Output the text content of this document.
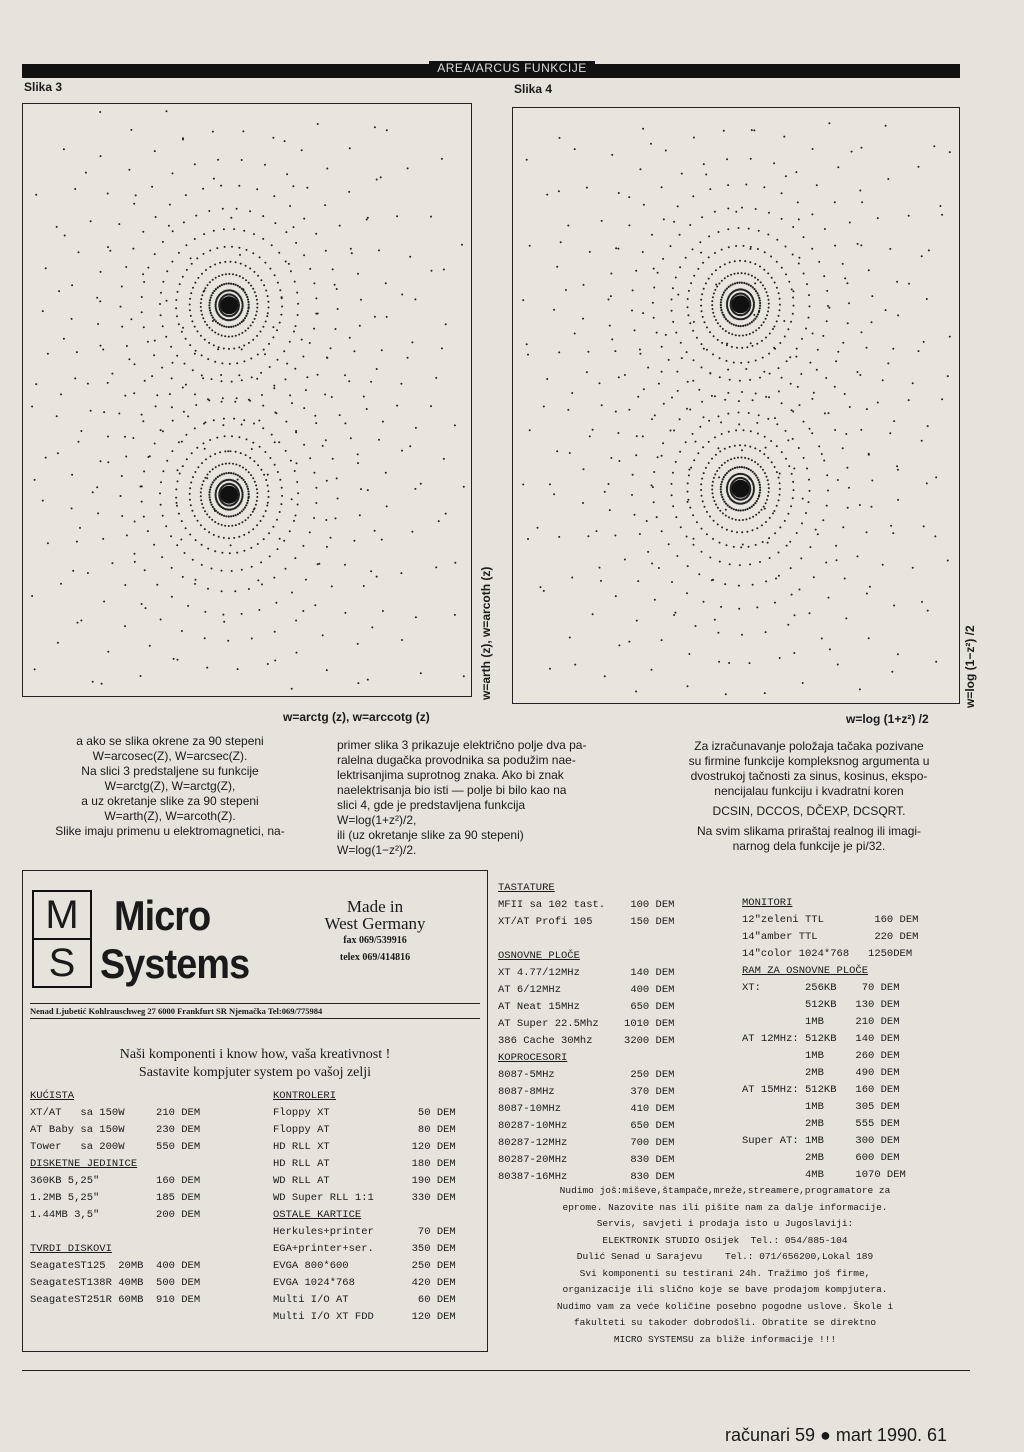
AREA/ARCUS FUNKCIJE
Slika 3	Slika 4
w=arth (z), w=arcoth (z)	w=log (1−z²) /2
w=arctg (z), w=arccotg (z)	w=log (1+z²) /2
a ako se slika okrene za 90 stepeni
W=arcosec(Z), W=arcsec(Z).
Na slici 3 predstaljene su funkcije
W=arctg(Z), W=arctg(Z),
a uz okretanje slike za 90 stepeni
W=arth(Z), W=arcoth(Z).
Slike imaju primenu u elektromagnetici, na-
primer slika 3 prikazuje električno polje dva pa-
ralelna dugačka provodnika sa podužim nae-
lektrisanjima suprotnog znaka. Ako bi znak
naelektrisanja bio isti — polje bi bilo kao na
slici 4, gde je predstavljena funkcija
W=log(1+z²)/2,
ili (uz okretanje slike za 90 stepeni)
W=log(1−z²)/2.
Za izračunavanje položaja tačaka pozivane
su firmine funkcije kompleksnog argumenta u
dvostrukoj tačnosti za sinus, kosinus, ekspo-
nencijalau funkciju i kvadratni koren
DCSIN, DCCOS, DČEXP, DCSQRT.
Na svim slikama priraštaj realnog ili imagi-
narnog dela funkcije je pi/32.
M
S
Micro
Systems
Made in
West Germany
fax 069/539916
telex 069/414816
Nenad Ljubetić Kohlrauschweg 27 6000 Frankfurt SR Njemačka Tel:069/775984
Naši komponenti i know how, vaša kreativnost !
Sastavite kompjuter system po vašoj zelji
KUĆISTA
XT/AT   sa 150W     210 DEM
AT Baby sa 150W     230 DEM
Tower   sa 200W     550 DEM
DISKETNE JEDINICE
360KB 5,25"         160 DEM
1.2MB 5,25"         185 DEM
1.44MB 3,5"         200 DEM

TVRDI DISKOVI
SeagateST125  20MB  400 DEM
SeagateST138R 40MB  500 DEM
SeagateST251R 60MB  910 DEM
KONTROLERI
Floppy XT              50 DEM
Floppy AT              80 DEM
HD RLL XT             120 DEM
HD RLL AT             180 DEM
WD RLL AT             190 DEM
WD Super RLL 1:1      330 DEM
OSTALE KARTICE
Herkules+printer       70 DEM
EGA+printer+ser.      350 DEM
EVGA 800*600          250 DEM
EVGA 1024*768         420 DEM
Multi I/O AT           60 DEM
Multi I/O XT FDD      120 DEM
TASTATURE
MFII sa 102 tast.    100 DEM
XT/AT Profi 105      150 DEM

OSNOVNE PLOČE
XT 4.77/12MHz        140 DEM
AT 6/12MHz           400 DEM
AT Neat 15MHz        650 DEM
AT Super 22.5Mhz    1010 DEM
386 Cache 30Mhz     3200 DEM
KOPROCESORI
8087-5MHz            250 DEM
8087-8MHz            370 DEM
8087-10MHz           410 DEM
80287-10MHz          650 DEM
80287-12MHz          700 DEM
80287-20MHz          830 DEM
80387-16MHz          830 DEM
MONITORI
12"zeleni TTL        160 DEM
14"amber TTL         220 DEM
14"color 1024*768   1250DEM
RAM ZA OSNOVNE PLOČE
XT:       256KB    70 DEM
512KB   130 DEM
1MB     210 DEM
AT 12MHz: 512KB   140 DEM
1MB     260 DEM
2MB     490 DEM
AT 15MHz: 512KB   160 DEM
1MB     305 DEM
2MB     555 DEM
Super AT: 1MB     300 DEM
2MB     600 DEM
4MB     1070 DEM
Nudimo još:miševe,štampače,mreže,streamere,programatore za
eprome. Nazovite nas ili pišite nam za dalje informacije.
Servis, savjeti i prodaja isto u Jugoslaviji:
ELEKTRONIK STUDIO Osijek  Tel.: 054/885-104
Dulić Senad u Sarajevu    Tel.: 071/656200,Lokal 189
Svi komponenti su testirani 24h. Tražimo još firme,
organizacije ili slično koje se bave prodajom kompjutera.
Nudimo vam za veće količine posebno pogodne uslove. Škole i
fakulteti su takoder dobrodošli. Obratite se direktno
MICRO SYSTEMSU za bliže informacije !!!
računari 59 ● mart 1990. 61
